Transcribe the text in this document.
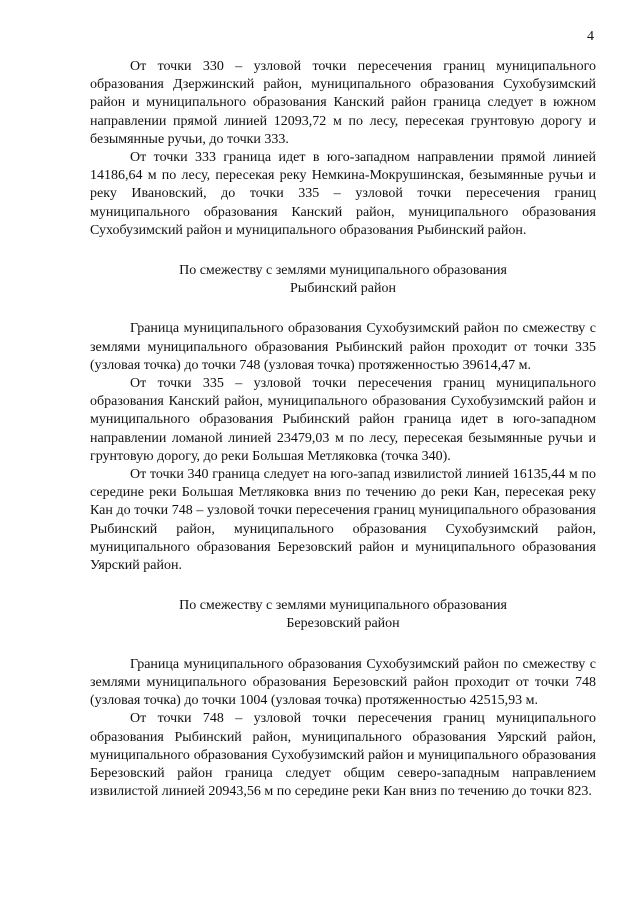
4

От точки 330 – узловой точки пересечения границ муниципального образования Дзержинский район, муниципального образования Сухобузимский район и муниципального образования Канский район граница следует в южном направлении прямой линией 12093,72 м по лесу, пересекая грунтовую дорогу и безымянные ручьи, до точки 333.

От точки 333 граница идет в юго-западном направлении прямой линией 14186,64 м по лесу, пересекая реку Немкина-Мокрушинская, безымянные ручьи и реку Ивановский, до точки 335 – узловой точки пересечения границ муниципального образования Канский район, муниципального образования Сухобузимский район и муниципального образования Рыбинский район.

По смежеству с землями муниципального образования
Рыбинский район

Граница муниципального образования Сухобузимский район по смежеству с землями муниципального образования Рыбинский район проходит от точки 335 (узловая точка) до точки 748 (узловая точка) протяженностью 39614,47 м.

От точки 335 – узловой точки пересечения границ муниципального образования Канский район, муниципального образования Сухобузимский район и муниципального образования Рыбинский район граница идет в юго-западном направлении ломаной линией 23479,03 м по лесу, пересекая безымянные ручьи и грунтовую дорогу, до реки Большая Метляковка (точка 340).

От точки 340 граница следует на юго-запад извилистой линией 16135,44 м по середине реки Большая Метляковка вниз по течению до реки Кан, пересекая реку Кан до точки 748 – узловой точки пересечения границ муниципального образования Рыбинский район, муниципального образования Сухобузимский район, муниципального образования Березовский район и муниципального образования Уярский район.

По смежеству с землями муниципального образования
Березовский район

Граница муниципального образования Сухобузимский район по смежеству с землями муниципального образования Березовский район проходит от точки 748 (узловая точка) до точки 1004 (узловая точка) протяженностью 42515,93 м.

От точки 748 – узловой точки пересечения границ муниципального образования Рыбинский район, муниципального образования Уярский район, муниципального образования Сухобузимский район и муниципального образования Березовский район граница следует общим северо-западным направлением извилистой линией 20943,56 м по середине реки Кан вниз по течению до точки 823.
